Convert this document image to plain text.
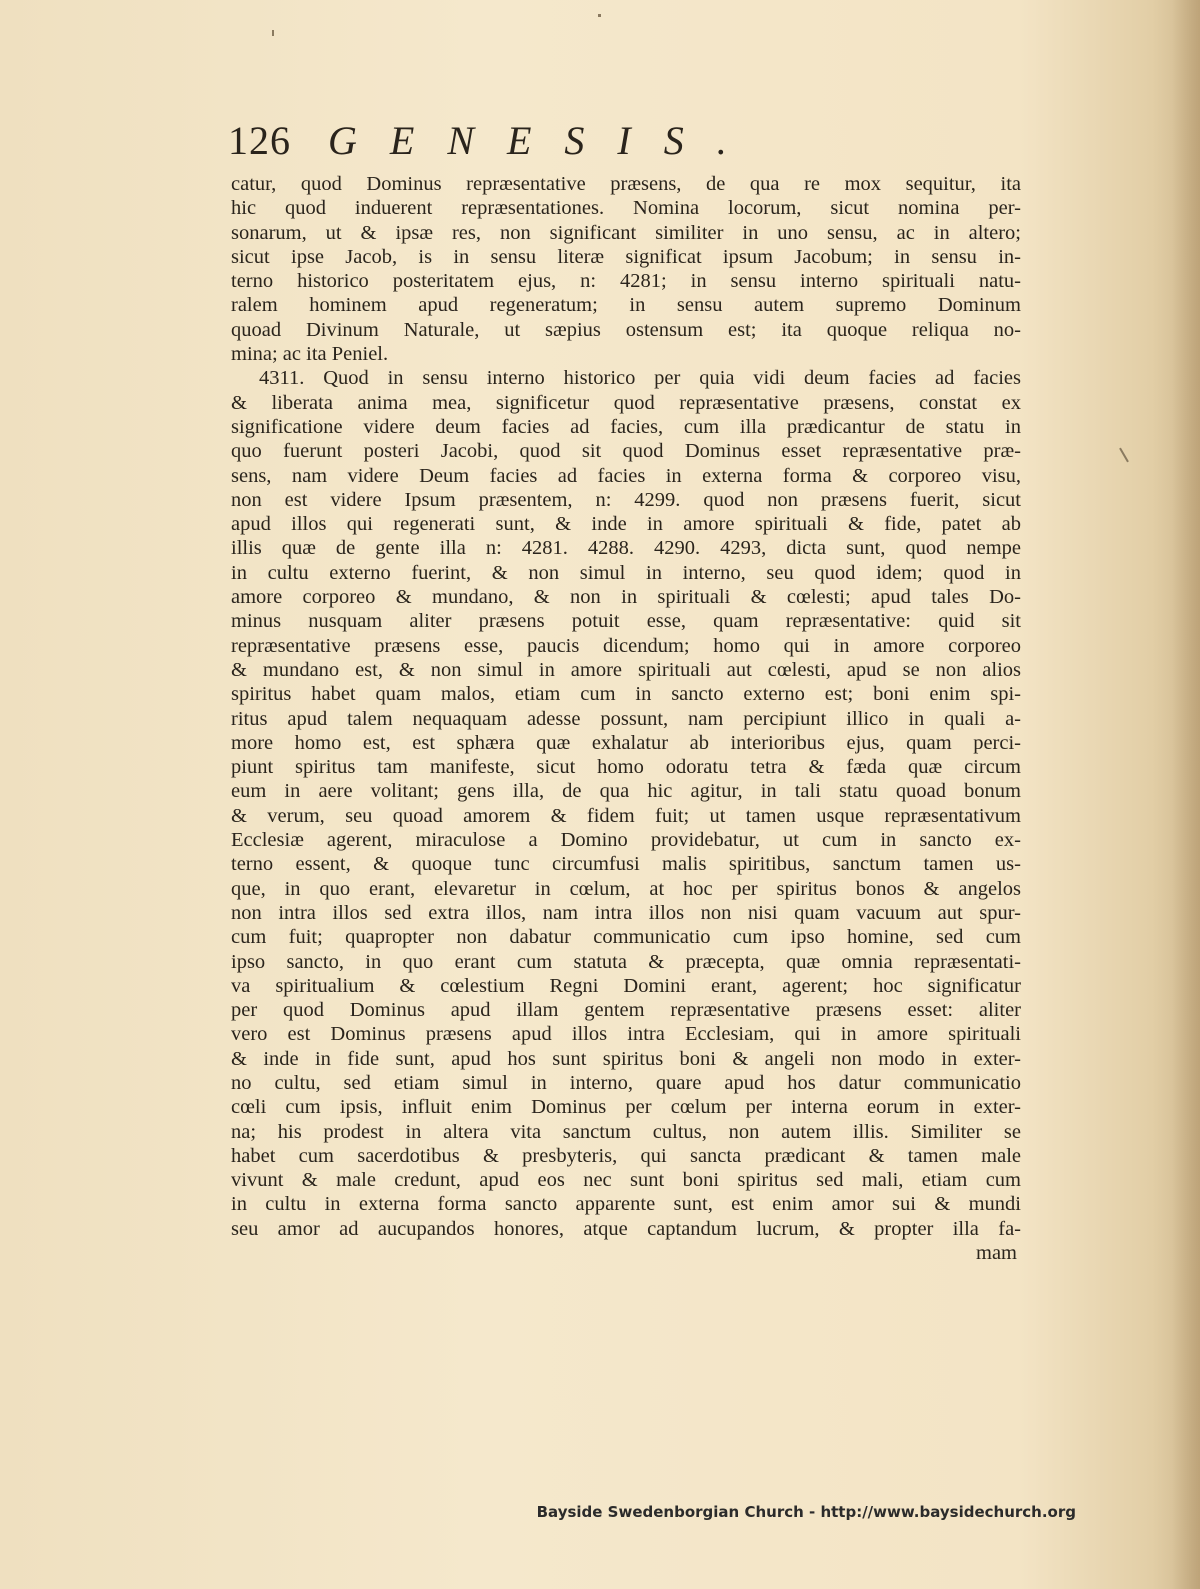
126 GENESIS.
catur, quod Dominus repræsentative præsens, de qua re mox sequitur, ita
hic quod induerent repræsentationes. Nomina locorum, sicut nomina per-
sonarum, ut & ipsæ res, non significant similiter in uno sensu, ac in altero;
sicut ipse Jacob, is in sensu literæ significat ipsum Jacobum; in sensu in-
terno historico posteritatem ejus, n: 4281; in sensu interno spirituali natu-
ralem hominem apud regeneratum; in sensu autem supremo Dominum
quoad Divinum Naturale, ut sæpius ostensum est; ita quoque reliqua no-
mina; ac ita Peniel.
4311. Quod in sensu interno historico per quia vidi deum facies ad facies
& liberata anima mea, significetur quod repræsentative præsens, constat ex
significatione videre deum facies ad facies, cum illa prædicantur de statu in
quo fuerunt posteri Jacobi, quod sit quod Dominus esset repræsentative præ-
sens, nam videre Deum facies ad facies in externa forma & corporeo visu,
non est videre Ipsum præsentem, n: 4299. quod non præsens fuerit, sicut
apud illos qui regenerati sunt, & inde in amore spirituali & fide, patet ab
illis quæ de gente illa n: 4281. 4288. 4290. 4293, dicta sunt, quod nempe
in cultu externo fuerint, & non simul in interno, seu quod idem; quod in
amore corporeo & mundano, & non in spirituali & cœlesti; apud tales Do-
minus nusquam aliter præsens potuit esse, quam repræsentative: quid sit
repræsentative præsens esse, paucis dicendum; homo qui in amore corporeo
& mundano est, & non simul in amore spirituali aut cœlesti, apud se non alios
spiritus habet quam malos, etiam cum in sancto externo est; boni enim spi-
ritus apud talem nequaquam adesse possunt, nam percipiunt illico in quali a-
more homo est, est sphæra quæ exhalatur ab interioribus ejus, quam perci-
piunt spiritus tam manifeste, sicut homo odoratu tetra & fæda quæ circum
eum in aere volitant; gens illa, de qua hic agitur, in tali statu quoad bonum
& verum, seu quoad amorem & fidem fuit; ut tamen usque repræsentativum
Ecclesiæ agerent, miraculose a Domino providebatur, ut cum in sancto ex-
terno essent, & quoque tunc circumfusi malis spiritibus, sanctum tamen us-
que, in quo erant, elevaretur in cœlum, at hoc per spiritus bonos & angelos
non intra illos sed extra illos, nam intra illos non nisi quam vacuum aut spur-
cum fuit; quapropter non dabatur communicatio cum ipso homine, sed cum
ipso sancto, in quo erant cum statuta & præcepta, quæ omnia repræsentati-
va spiritualium & cœlestium Regni Domini erant, agerent; hoc significatur
per quod Dominus apud illam gentem repræsentative præsens esset: aliter
vero est Dominus præsens apud illos intra Ecclesiam, qui in amore spirituali
& inde in fide sunt, apud hos sunt spiritus boni & angeli non modo in exter-
no cultu, sed etiam simul in interno, quare apud hos datur communicatio
cœli cum ipsis, influit enim Dominus per cœlum per interna eorum in exter-
na; his prodest in altera vita sanctum cultus, non autem illis. Similiter se
habet cum sacerdotibus & presbyteris, qui sancta prædicant & tamen male
vivunt & male credunt, apud eos nec sunt boni spiritus sed mali, etiam cum
in cultu in externa forma sancto apparente sunt, est enim amor sui & mundi
seu amor ad aucupandos honores, atque captandum lucrum, & propter illa fa-
mam
Bayside Swedenborgian Church - http://www.baysidechurch.org
